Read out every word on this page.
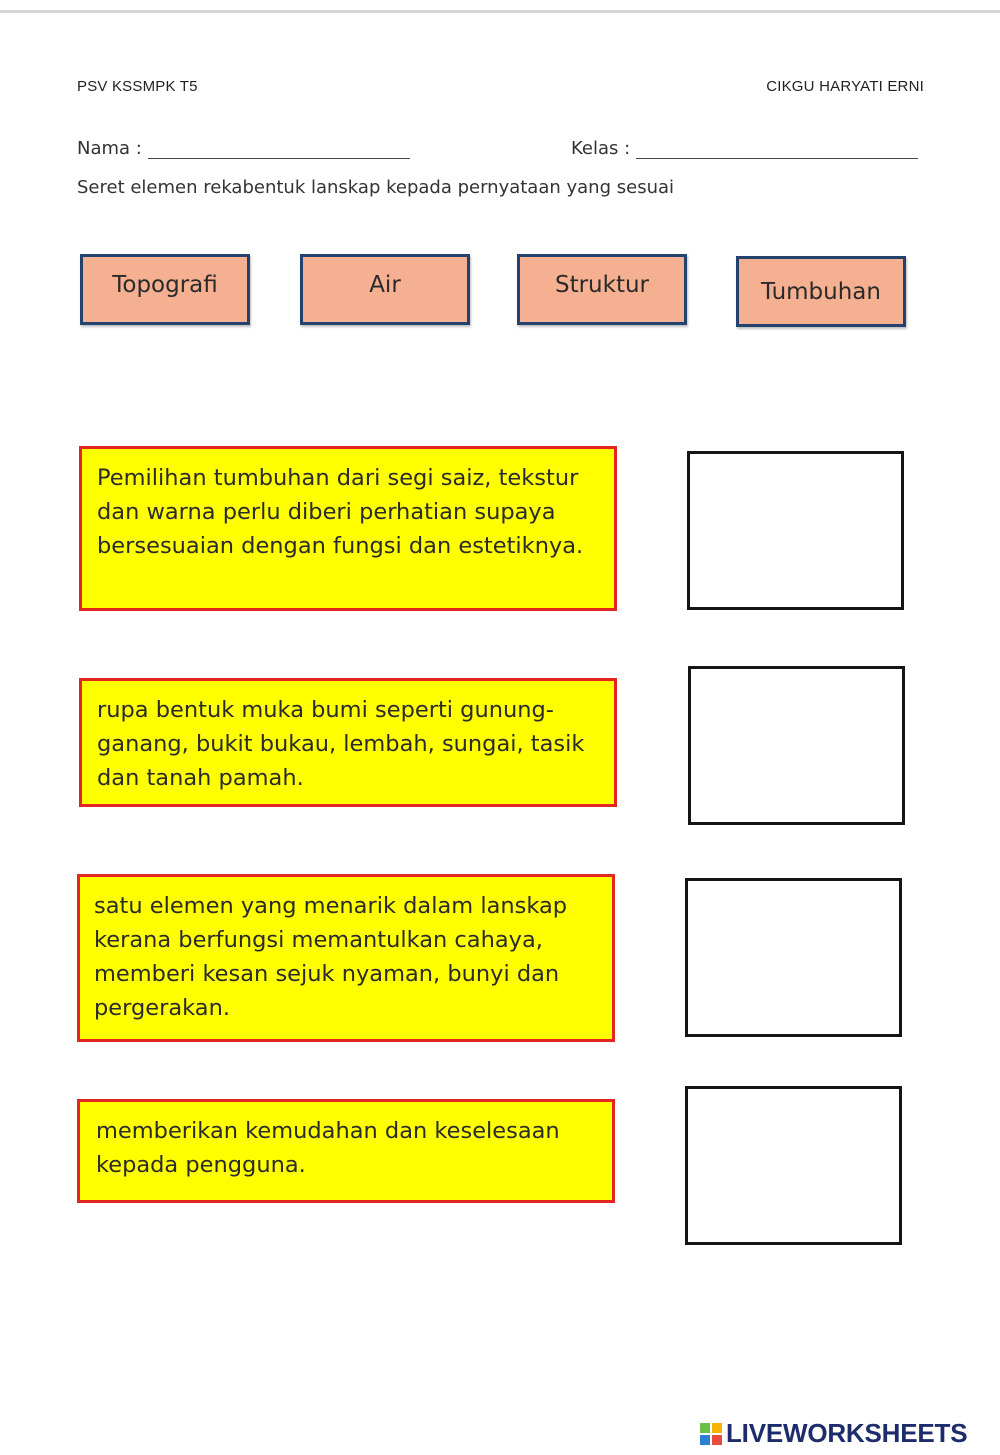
PSV KSSMPK T5	CIKGU HARYATI ERNI
Nama :	Kelas :
Seret elemen rekabentuk lanskap kepada pernyataan yang sesuai
Topografi	Air	Struktur	Tumbuhan
Pemilihan tumbuhan dari segi saiz, tekstur dan warna perlu diberi perhatian supaya bersesuaian dengan fungsi dan estetiknya.
rupa bentuk muka bumi seperti gunung-ganang, bukit bukau, lembah, sungai, tasik dan tanah pamah.
satu elemen yang menarik dalam lanskap kerana berfungsi memantulkan cahaya, memberi kesan sejuk nyaman, bunyi dan pergerakan.
memberikan kemudahan dan keselesaan kepada pengguna.
LIVEWORKSHEETS
